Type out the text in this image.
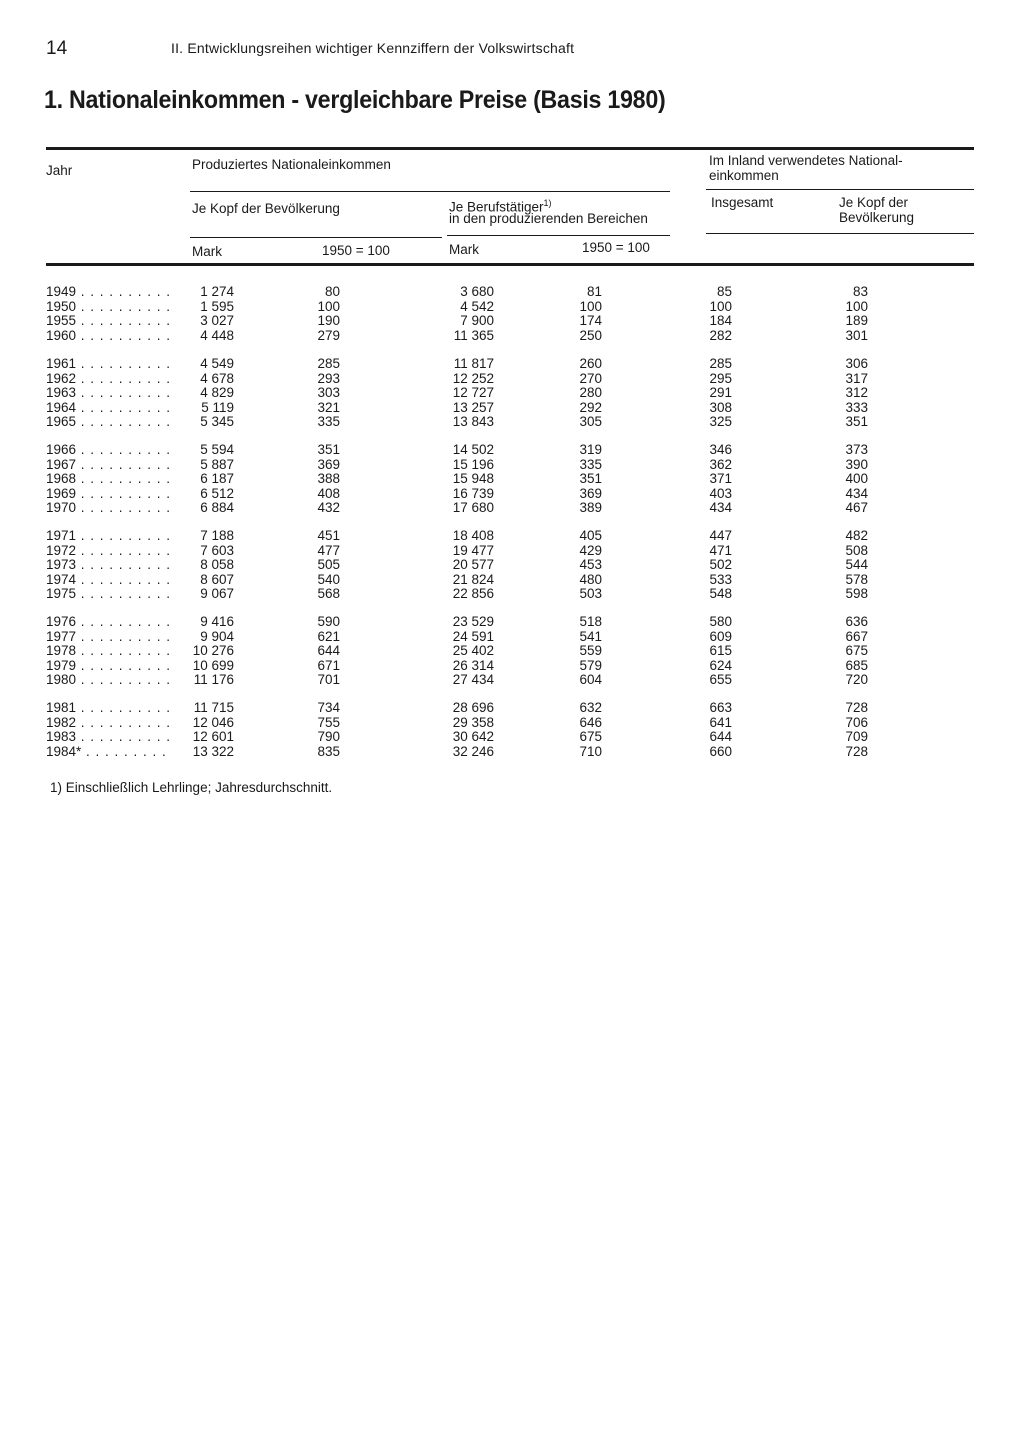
14	II. Entwicklungsreihen wichtiger Kennziffern der Volkswirtschaft
1. Nationaleinkommen - vergleichbare Preise (Basis 1980)
Jahr	Produziertes Nationaleinkommen	Im Inland verwendetes National-
einkommen
Je Kopf der Bevölkerung	Je Berufstätiger$^{1)}$
in den produzierenden Bereichen
Insgesamt	Je Kopf der
Bevölkerung
Mark	1950 = 100	Mark	1950 = 100
1949 . . .	1 274	80	3 680	81	85	83
1950 . . .	1 595	100	4 542	100	100	100
1955 . . .	3 027	190	7 900	174	184	189
1960 . . .	4 448	279	11 365	250	282	301
1961 . . .	4 549	285	11 817	260	285	306
1962 . . .	4 678	293	12 252	270	295	317
1963 . . .	4 829	303	12 727	280	291	312
1964 . . .	5 119	321	13 257	292	308	333
1965 . . .	5 345	335	13 843	305	325	351
1966 . . .	5 594	351	14 502	319	346	373
1967 . . .	5 887	369	15 196	335	362	390
1968 . . .	6 187	388	15 948	351	371	400
1969 . . .	6 512	408	16 739	369	403	434
1970 . . .	6 884	432	17 680	389	434	467
1971 . . .	7 188	451	18 408	405	447	482
1972 . . .	7 603	477	19 477	429	471	508
1973 . . .	8 058	505	20 577	453	502	544
1974 . . .	8 607	540	21 824	480	533	578
1975 . . .	9 067	568	22 856	503	548	598
1976 . . .	9 416	590	23 529	518	580	636
1977 . . .	9 904	621	24 591	541	609	667
1978 . . .	10 276	644	25 402	559	615	675
1979 . . .	10 699	671	26 314	579	624	685
1980 . . .	11 176	701	27 434	604	655	720
1981 . . .	11 715	734	28 696	632	663	728
1982 . . .	12 046	755	29 358	646	641	706
1983 . . .	12 601	790	30 642	675	644	709
1984* . . .	13 322	835	32 246	710	660	728
1) Einschließlich Lehrlinge; Jahresdurchschnitt.
